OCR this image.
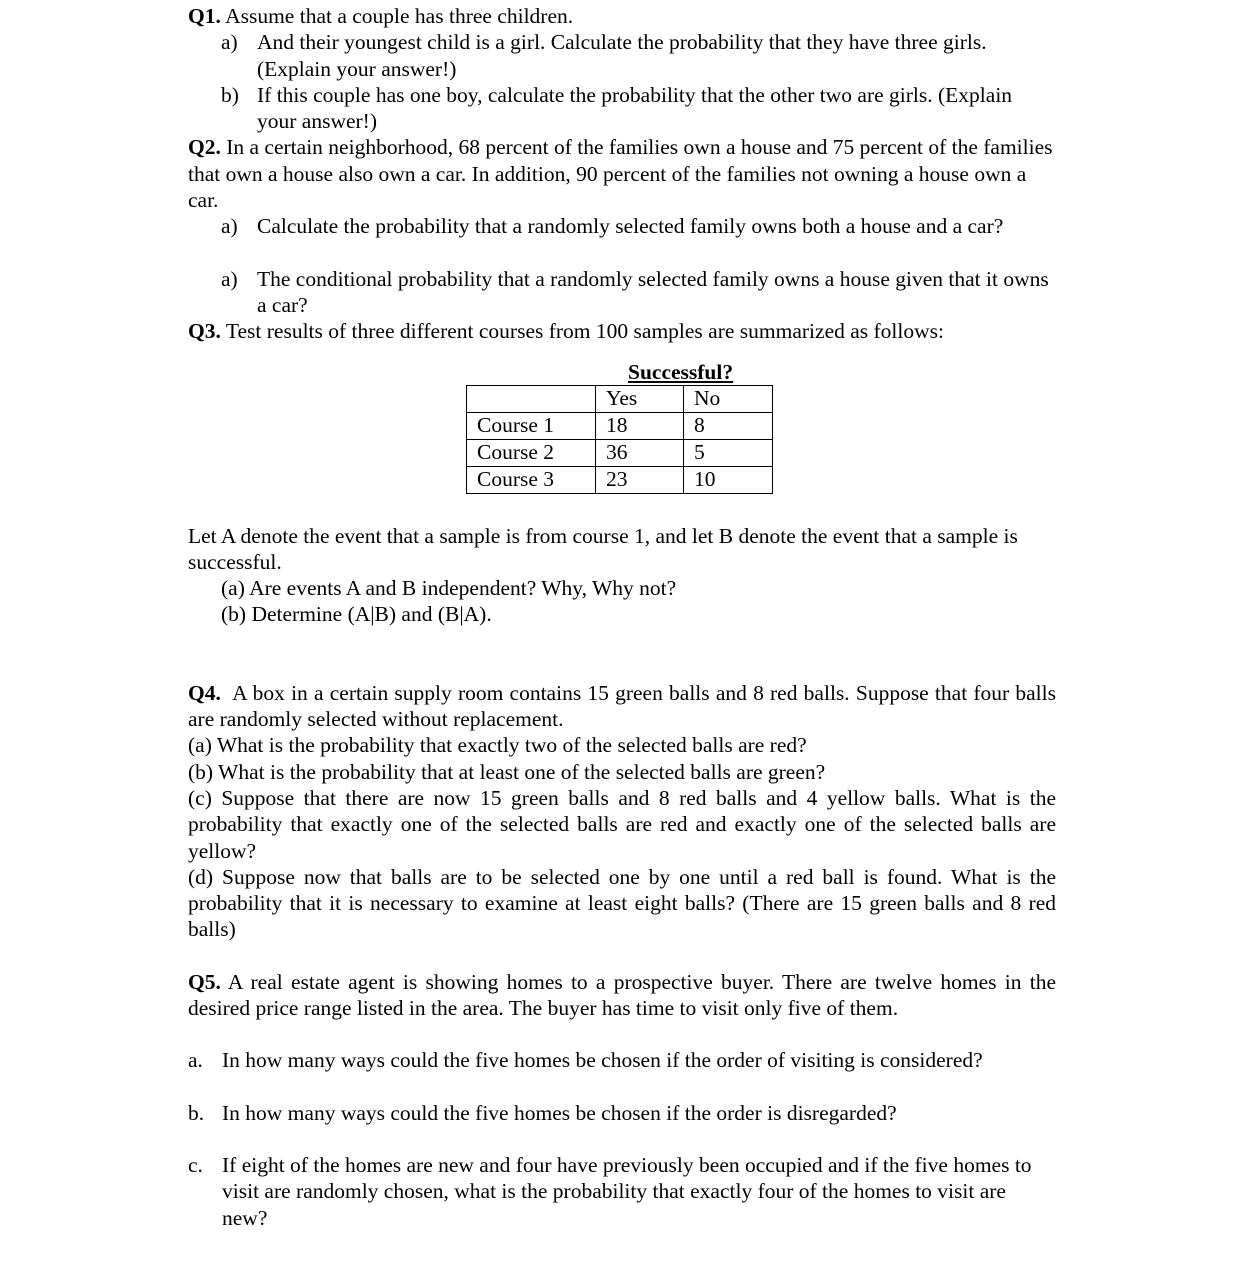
Q1. Assume that a couple has three children.

a) And their youngest child is a girl. Calculate the probability that they have three girls. (Explain your answer!)
b) If this couple has one boy, calculate the probability that the other two are girls. (Explain your answer!)

Q2. In a certain neighborhood, 68 percent of the families own a house and 75 percent of the families that own a house also own a car. In addition, 90 percent of the families not owning a house own a car.

a) Calculate the probability that a randomly selected family owns both a house and a car?
a) The conditional probability that a randomly selected family owns a house given that it owns a car?

Q3. Test results of three different courses from 100 samples are summarized as follows:

Successful?
	Yes	No
Course 1	18	8
Course 2	36	5
Course 3	23	10

Let A denote the event that a sample is from course 1, and let B denote the event that a sample is successful.

(a) Are events A and B independent? Why, Why not?

(b) Determine (A|B) and (B|A).

Q4. A box in a certain supply room contains 15 green balls and 8 red balls. Suppose that four balls are randomly selected without replacement.

(a) What is the probability that exactly two of the selected balls are red?

(b) What is the probability that at least one of the selected balls are green?

(c) Suppose that there are now 15 green balls and 8 red balls and 4 yellow balls. What is the probability that exactly one of the selected balls are red and exactly one of the selected balls are yellow?

(d) Suppose now that balls are to be selected one by one until a red ball is found. What is the probability that it is necessary to examine at least eight balls? (There are 15 green balls and 8 red balls)

Q5. A real estate agent is showing homes to a prospective buyer. There are twelve homes in the desired price range listed in the area. The buyer has time to visit only five of them.

a. In how many ways could the five homes be chosen if the order of visiting is considered?
b. In how many ways could the five homes be chosen if the order is disregarded?
c. If eight of the homes are new and four have previously been occupied and if the five homes to visit are randomly chosen, what is the probability that exactly four of the homes to visit are new?
